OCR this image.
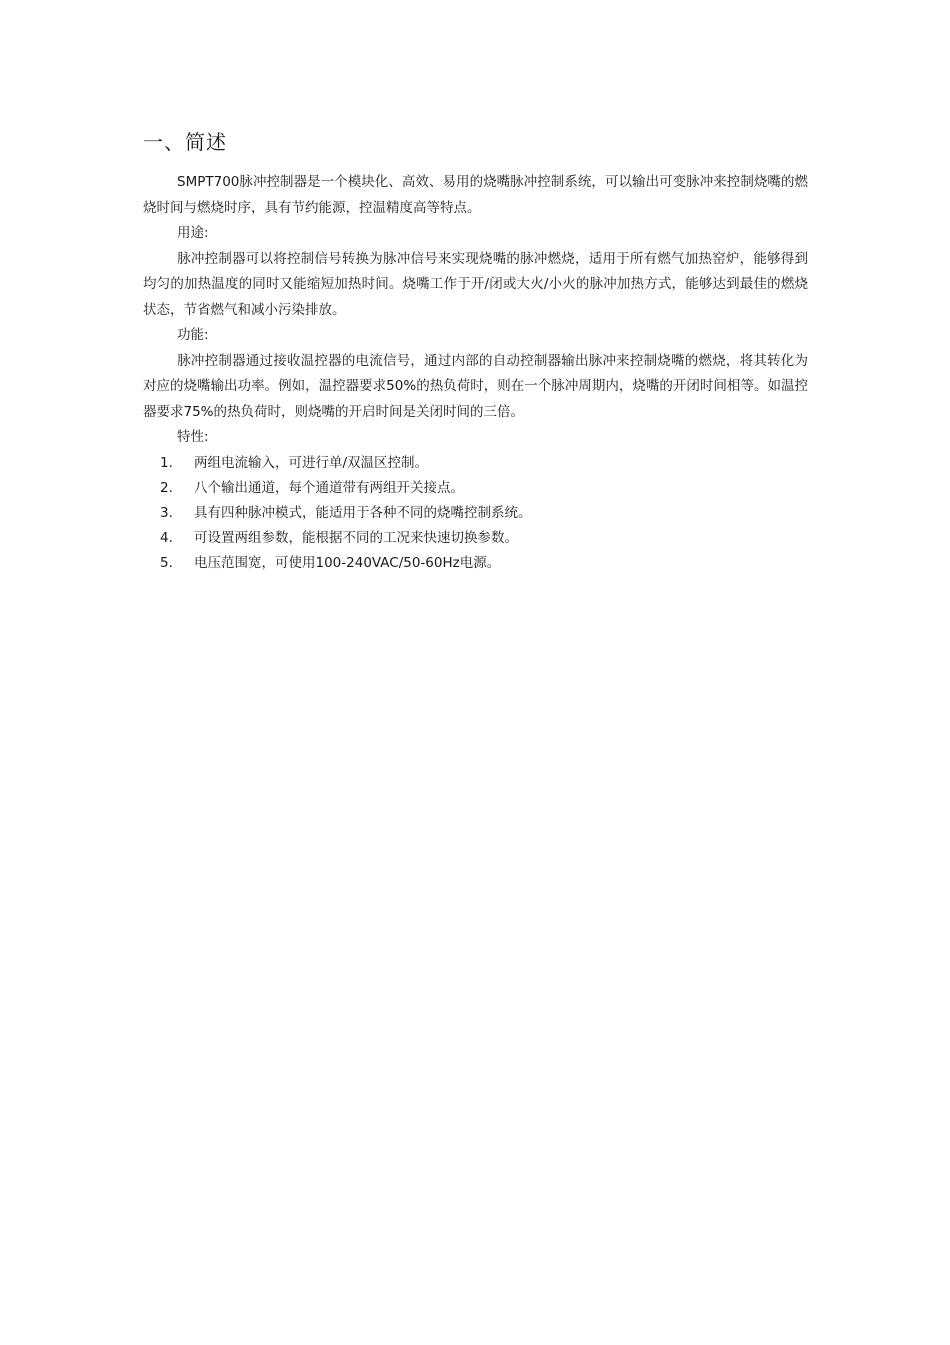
一、简述

SMPT700脉冲控制器是一个模块化、高效、易用的烧嘴脉冲控制系统，可以输出可变脉冲来控制烧嘴的燃烧时间与燃烧时序，具有节约能源，控温精度高等特点。

用途:

脉冲控制器可以将控制信号转换为脉冲信号来实现烧嘴的脉冲燃烧，适用于所有燃气加热窑炉，能够得到均匀的加热温度的同时又能缩短加热时间。烧嘴工作于开/闭或大火/小火的脉冲加热方式，能够达到最佳的燃烧状态，节省燃气和减小污染排放。

功能:

脉冲控制器通过接收温控器的电流信号，通过内部的自动控制器输出脉冲来控制烧嘴的燃烧，将其转化为对应的烧嘴输出功率。例如，温控器要求50%的热负荷时，则在一个脉冲周期内，烧嘴的开闭时间相等。如温控器要求75%的热负荷时，则烧嘴的开启时间是关闭时间的三倍。

特性:

1.	两组电流输入，可进行单/双温区控制。
2.	八个输出通道，每个通道带有两组开关接点。
3.	具有四种脉冲模式，能适用于各种不同的烧嘴控制系统。
4.	可设置两组参数，能根据不同的工况来快速切换参数。
5.	电压范围宽，可使用100-240VAC/50-60Hz电源。
